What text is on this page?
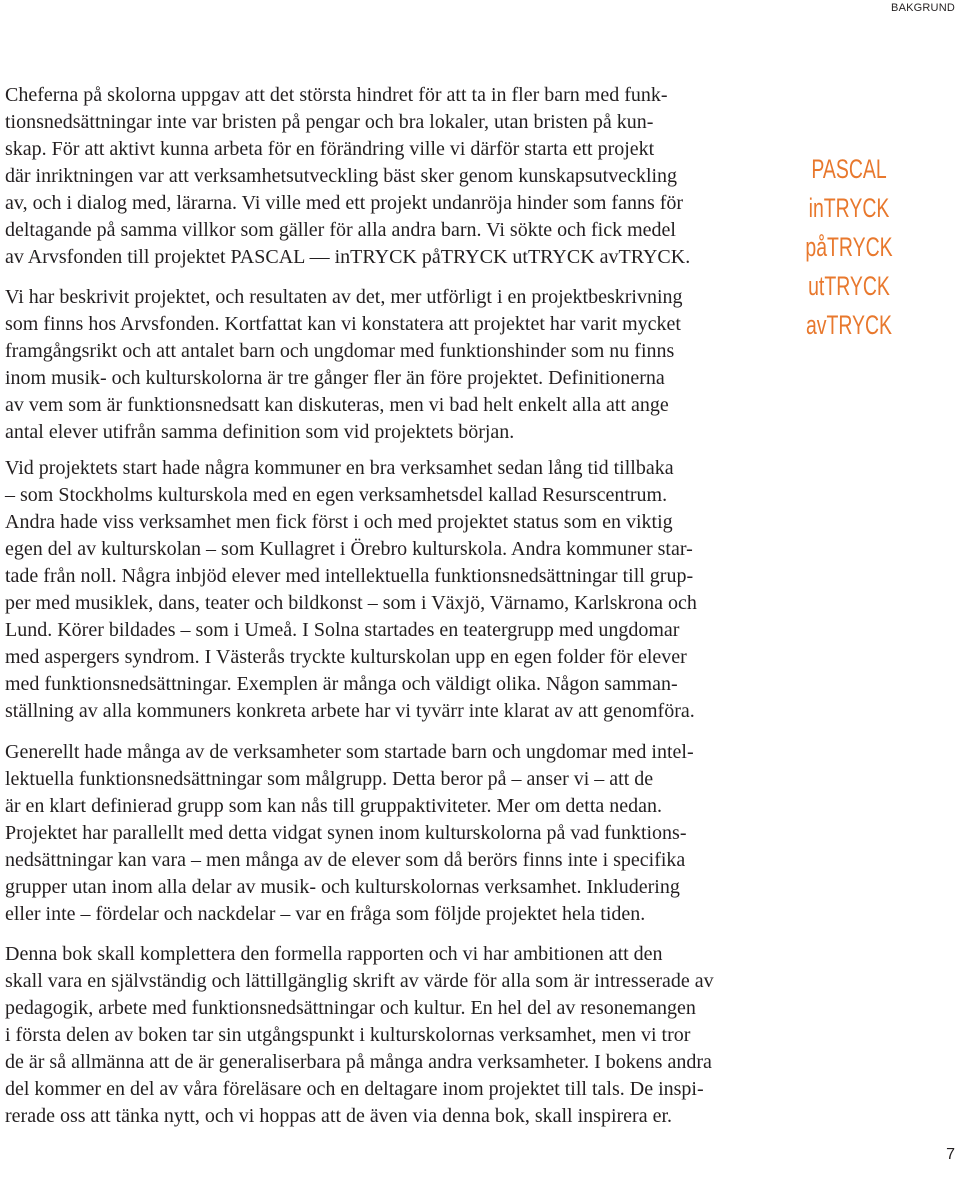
BAKGRUND
PASCAL
inTRYCK
påTRYCK
utTRYCK
avTRYCK
Cheferna på skolorna uppgav att det största hindret för att ta in fler barn med funk-
tionsnedsättningar inte var bristen på pengar och bra lokaler, utan bristen på kun-
skap. För att aktivt kunna arbeta för en förändring ville vi därför starta ett projekt
där inriktningen var att verksamhetsutveckling bäst sker genom kunskapsutveckling
av, och i dialog med, lärarna. Vi ville med ett projekt undanröja hinder som fanns för
deltagande på samma villkor som gäller för alla andra barn. Vi sökte och fick medel
av Arvsfonden till projektet PASCAL — inTRYCK påTRYCK utTRYCK avTRYCK.
Vi har beskrivit projektet, och resultaten av det, mer utförligt i en projektbeskrivning
som finns hos Arvsfonden. Kortfattat kan vi konstatera att projektet har varit mycket
framgångsrikt och att antalet barn och ungdomar med funktionshinder som nu finns
inom musik- och kulturskolorna är tre gånger fler än före projektet. Definitionerna
av vem som är funktionsnedsatt kan diskuteras, men vi bad helt enkelt alla att ange
antal elever utifrån samma definition som vid projektets början.
Vid projektets start hade några kommuner en bra verksamhet sedan lång tid tillbaka
– som Stockholms kulturskola med en egen verksamhetsdel kallad Resurscentrum.
Andra hade viss verksamhet men fick först i och med projektet status som en viktig
egen del av kulturskolan – som Kullagret i Örebro kulturskola. Andra kommuner star-
tade från noll. Några inbjöd elever med intellektuella funktionsnedsättningar till grup-
per med musiklek, dans, teater och bildkonst – som i Växjö, Värnamo, Karlskrona och
Lund. Körer bildades – som i Umeå. I Solna startades en teatergrupp med ungdomar
med aspergers syndrom. I Västerås tryckte kulturskolan upp en egen folder för elever
med funktionsnedsättningar. Exemplen är många och väldigt olika. Någon samman-
ställning av alla kommuners konkreta arbete har vi tyvärr inte klarat av att genomföra.
Generellt hade många av de verksamheter som startade barn och ungdomar med intel-
lektuella funktionsnedsättningar som målgrupp. Detta beror på – anser vi – att de
är en klart definierad grupp som kan nås till gruppaktiviteter. Mer om detta nedan.
Projektet har parallellt med detta vidgat synen inom kulturskolorna på vad funktions-
nedsättningar kan vara – men många av de elever som då berörs finns inte i specifika
grupper utan inom alla delar av musik- och kulturskolornas verksamhet. Inkludering
eller inte – fördelar och nackdelar – var en fråga som följde projektet hela tiden.
Denna bok skall komplettera den formella rapporten och vi har ambitionen att den
skall vara en självständig och lättillgänglig skrift av värde för alla som är intresserade av
pedagogik, arbete med funktionsnedsättningar och kultur. En hel del av resonemangen
i första delen av boken tar sin utgångspunkt i kulturskolornas verksamhet, men vi tror
de är så allmänna att de är generaliserbara på många andra verksamheter. I bokens andra
del kommer en del av våra föreläsare och en deltagare inom projektet till tals. De inspi-
rerade oss att tänka nytt, och vi hoppas att de även via denna bok, skall inspirera er.
7
